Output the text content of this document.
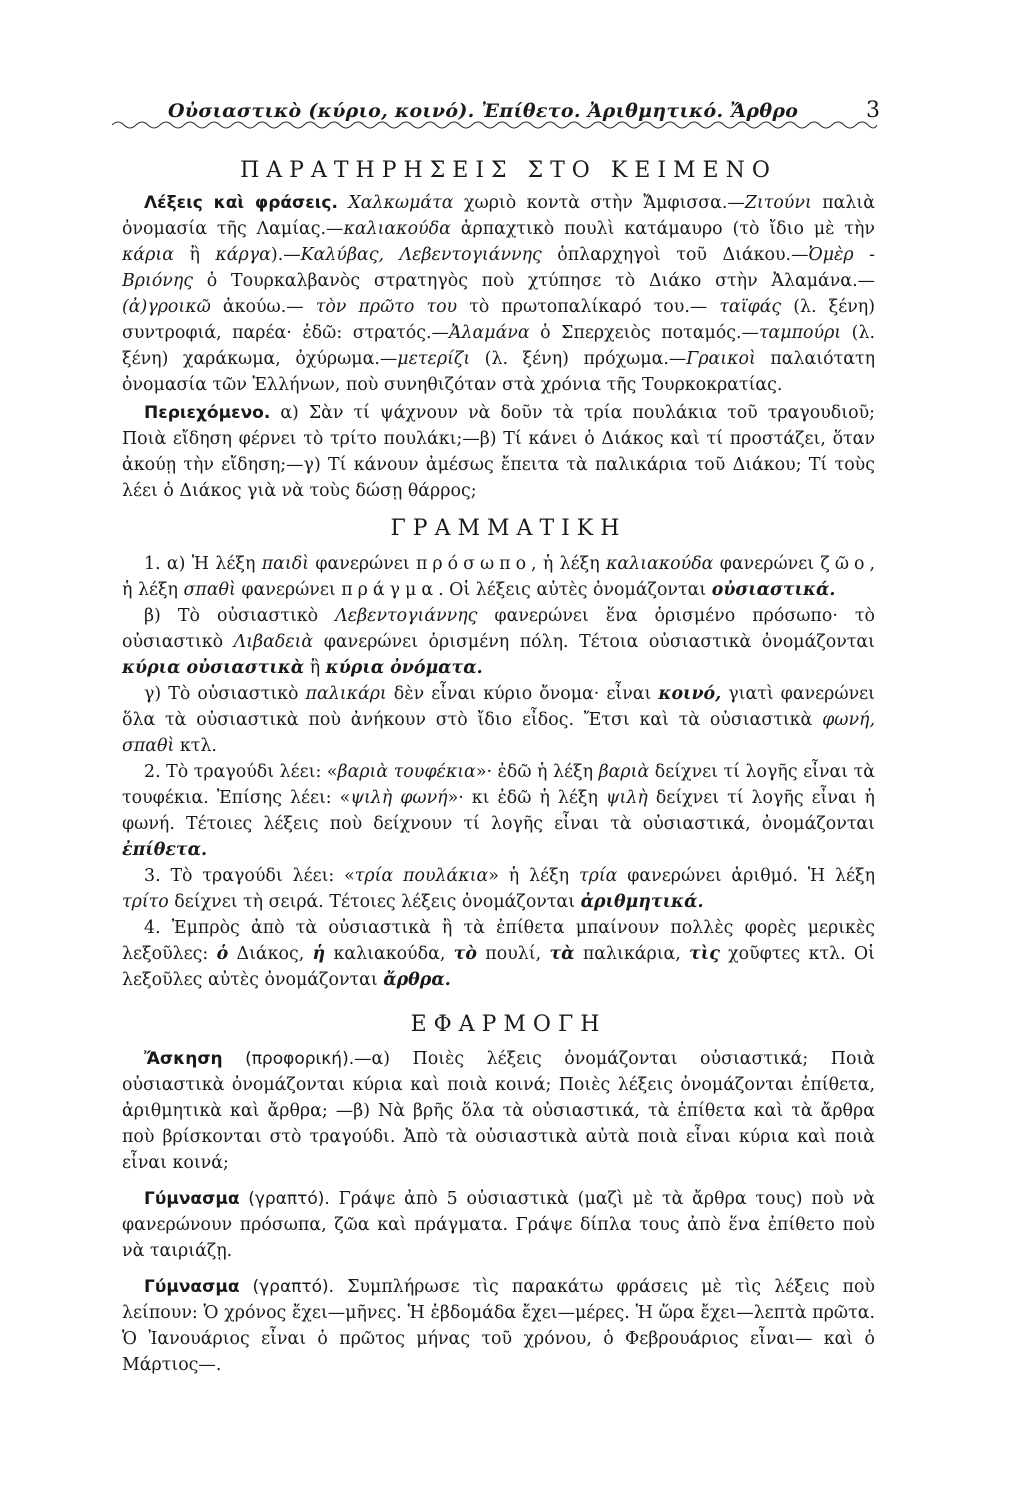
Οὐσιαστικὸ (κύριο, κοινό). Ἐπίθετο. Ἀριθμητικό. Ἄρθρο	3
ΠΑΡΑΤΗΡΗΣΕΙΣ ΣΤΟ ΚΕΙΜΕΝΟ

Λέξεις καὶ φράσεις. Χαλκωμάτα χωριὸ κοντὰ στὴν Ἄμφισσα.—Ζιτούνι παλιὰ ὀνομασία τῆς Λαμίας.—καλιακούδα ἁρπαχτικὸ πουλὶ κατάμαυρο (τὸ ἴδιο μὲ τὴν κάρια ἢ κάργα).—Καλύβας, Λεβεντογιάννης ὁπλαρχηγοὶ τοῦ Διάκου.—Ὀμὲρ - Βριόνης ὁ Τουρκαλβανὸς στρατηγὸς ποὺ χτύπησε τὸ Διάκο στὴν Ἀλαμάνα.— (ἀ)γροικῶ ἀκούω.— τὸν πρῶτο του τὸ πρωτοπαλίκαρό του.— ταϊφάς (λ. ξένη) συντροφιά, παρέα· ἐδῶ: στρατός.—Ἀλαμάνα ὁ Σπερχειὸς ποταμός.—ταμπούρι (λ. ξένη) χαράκωμα, ὀχύρωμα.—μετερίζι (λ. ξένη) πρόχωμα.—Γραικοὶ παλαιότατη ὀνομασία τῶν Ἑλλήνων, ποὺ συνηθιζόταν στὰ χρόνια τῆς Τουρκοκρατίας.

Περιεχόμενο. α) Σὰν τί ψάχνουν νὰ δοῦν τὰ τρία πουλάκια τοῦ τραγουδιοῦ; Ποιὰ εἴδηση φέρνει τὸ τρίτο πουλάκι;—β) Τί κάνει ὁ Διάκος καὶ τί προστάζει, ὅταν ἀκούῃ τὴν εἴδηση;—γ) Τί κάνουν ἀμέσως ἔπειτα τὰ παλικάρια τοῦ Διάκου; Τί τοὺς λέει ὁ Διάκος γιὰ νὰ τοὺς δώσῃ θάρρος;

ΓΡΑΜΜΑΤΙΚΗ

1. α) Ἡ λέξη παιδὶ φανερώνει πρόσωπο, ἡ λέξη καλιακούδα φανερώνει ζῶο, ἡ λέξη σπαθὶ φανερώνει πράγμα. Οἱ λέξεις αὐτὲς ὀνομάζονται οὐσιαστικά.

β) Τὸ οὐσιαστικὸ Λεβεντογιάννης φανερώνει ἕνα ὁρισμένο πρόσωπο· τὸ οὐσιαστικὸ Λιβαδειὰ φανερώνει ὁρισμένη πόλη. Τέτοια οὐσιαστικὰ ὀνομάζονται κύρια οὐσιαστικὰ ἢ κύρια ὀνόματα.

γ) Τὸ οὐσιαστικὸ παλικάρι δὲν εἶναι κύριο ὄνομα· εἶναι κοινό, γιατὶ φανερώνει ὅλα τὰ οὐσιαστικὰ ποὺ ἀνήκουν στὸ ἴδιο εἶδος. Ἔτσι καὶ τὰ οὐσιαστικὰ φωνή, σπαθὶ κτλ.

2. Τὸ τραγούδι λέει: «βαριὰ τουφέκια»· ἐδῶ ἡ λέξη βαριὰ δείχνει τί λογῆς εἶναι τὰ τουφέκια. Ἐπίσης λέει: «ψιλὴ φωνή»· κι ἐδῶ ἡ λέξη ψιλὴ δείχνει τί λογῆς εἶναι ἡ φωνή. Τέτοιες λέξεις ποὺ δείχνουν τί λογῆς εἶναι τὰ οὐσιαστικά, ὀνομάζονται ἐπίθετα.

3. Τὸ τραγούδι λέει: «τρία πουλάκια» ἡ λέξη τρία φανερώνει ἀριθμό. Ἡ λέξη τρίτο δείχνει τὴ σειρά. Τέτοιες λέξεις ὀνομάζονται ἀριθμητικά.

4. Ἐμπρὸς ἀπὸ τὰ οὐσιαστικὰ ἢ τὰ ἐπίθετα μπαίνουν πολλὲς φορὲς μερικὲς λεξοῦλες: ὁ Διάκος, ἡ καλιακούδα, τὸ πουλί, τὰ παλικάρια, τὶς χοῦφτες κτλ. Οἱ λεξοῦλες αὐτὲς ὀνομάζονται ἄρθρα.

ΕΦΑΡΜΟΓΗ

Ἄσκηση (προφορική).—α) Ποιὲς λέξεις ὀνομάζονται οὐσιαστικά; Ποιὰ οὐσιαστικὰ ὀνομάζονται κύρια καὶ ποιὰ κοινά; Ποιὲς λέξεις ὀνομάζονται ἐπίθετα, ἀριθμητικὰ καὶ ἄρθρα; —β) Νὰ βρῆς ὅλα τὰ οὐσιαστικά, τὰ ἐπίθετα καὶ τὰ ἄρθρα ποὺ βρίσκονται στὸ τραγούδι. Ἀπὸ τὰ οὐσιαστικὰ αὐτὰ ποιὰ εἶναι κύρια καὶ ποιὰ εἶναι κοινά;

Γύμνασμα (γραπτό). Γράψε ἀπὸ 5 οὐσιαστικὰ (μαζὶ μὲ τὰ ἄρθρα τους) ποὺ νὰ φανερώνουν πρόσωπα, ζῶα καὶ πράγματα. Γράψε δίπλα τους ἀπὸ ἕνα ἐπίθετο ποὺ νὰ ταιριάζῃ.

Γύμνασμα (γραπτό). Συμπλήρωσε τὶς παρακάτω φράσεις μὲ τὶς λέξεις ποὺ λείπουν: Ὁ χρόνος ἔχει—μῆνες. Ἡ ἑβδομάδα ἔχει—μέρες. Ἡ ὥρα ἔχει—λεπτὰ πρῶτα. Ὁ Ἰανουάριος εἶναι ὁ πρῶτος μήνας τοῦ χρόνου, ὁ Φεβρουάριος εἶναι— καὶ ὁ Μάρτιος—.
